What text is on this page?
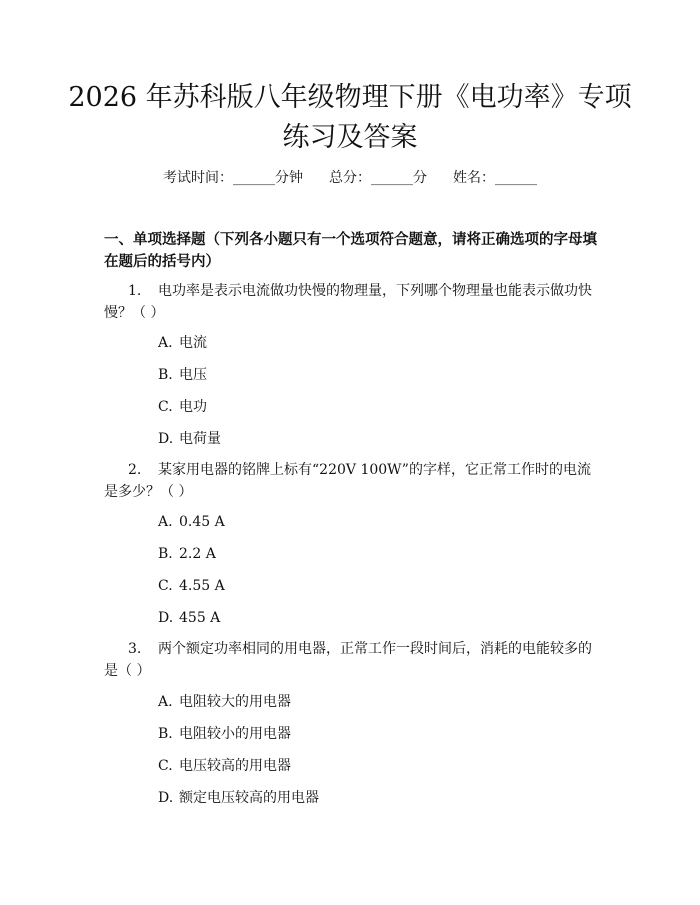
2026 年苏科版八年级物理下册《电功率》专项练习及答案
考试时间：______分钟 总分：______分 姓名：______

一、单项选择题（下列各小题只有一个选项符合题意，请将正确选项的字母填在题后的括号内）

1. 电功率是表示电流做功快慢的物理量，下列哪个物理量也能表示做功快慢？（ ）

A. 电流

B. 电压

C. 电功

D. 电荷量

2. 某家用电器的铭牌上标有“220V 100W”的字样，它正常工作时的电流是多少？（ ）

A. 0.45 A

B. 2.2 A

C. 4.55 A

D. 455 A

3. 两个额定功率相同的用电器，正常工作一段时间后，消耗的电能较多的是（ ）

A. 电阻较大的用电器

B. 电阻较小的用电器

C. 电压较高的用电器

D. 额定电压较高的用电器
